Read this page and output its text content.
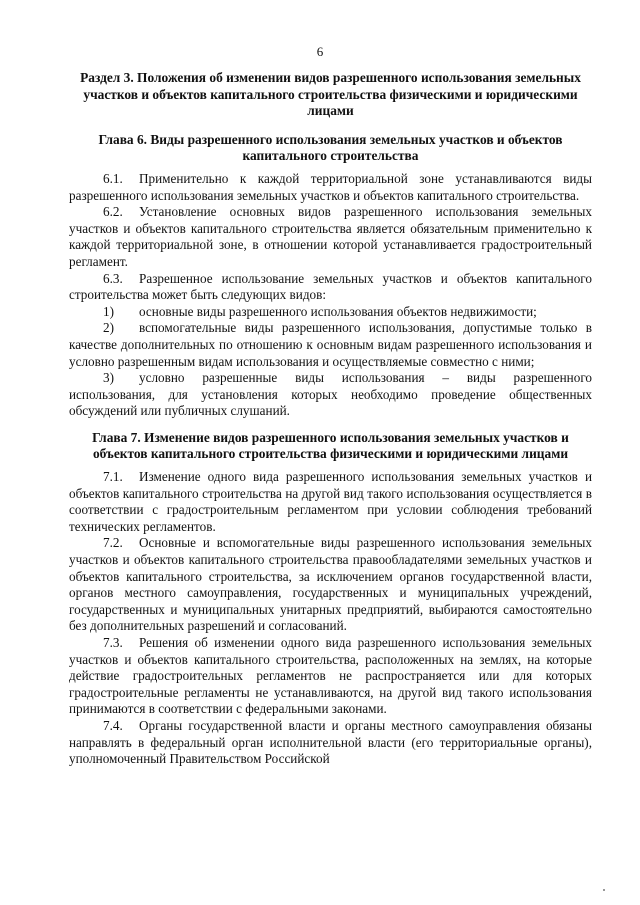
6
Раздел 3. Положения об изменении видов разрешенного использования земельных участков и объектов капитального строительства физическими и юридическими лицами
Глава 6. Виды разрешенного использования земельных участков и объектов капитального строительства

6.1. Применительно к каждой территориальной зоне устанавливаются виды разрешенного использования земельных участков и объектов капитального строительства.

6.2. Установление основных видов разрешенного использования земельных участков и объектов капитального строительства является обязательным применительно к каждой территориальной зоне, в отношении которой устанавливается градостроительный регламент.

6.3. Разрешенное использование земельных участков и объектов капитального строительства может быть следующих видов:

1) основные виды разрешенного использования объектов недвижимости;

2) вспомогательные виды разрешенного использования, допустимые только в качестве дополнительных по отношению к основным видам разрешенного использования и условно разрешенным видам использования и осуществляемые совместно с ними;

3) условно разрешенные виды использования – виды разрешенного использования, для установления которых необходимо проведение общественных обсуждений или публичных слушаний.

Глава 7. Изменение видов разрешенного использования земельных участков и объектов капитального строительства физическими и юридическими лицами

7.1. Изменение одного вида разрешенного использования земельных участков и объектов капитального строительства на другой вид такого использования осуществляется в соответствии с градостроительным регламентом при условии соблюдения требований технических регламентов.

7.2. Основные и вспомогательные виды разрешенного использования земельных участков и объектов капитального строительства правообладателями земельных участков и объектов капитального строительства, за исключением органов государственной власти, органов местного самоуправления, государственных и муниципальных учреждений, государственных и муниципальных унитарных предприятий, выбираются самостоятельно без дополнительных разрешений и согласований.

7.3. Решения об изменении одного вида разрешенного использования земельных участков и объектов капитального строительства, расположенных на землях, на которые действие градостроительных регламентов не распространяется или для которых градостроительные регламенты не устанавливаются, на другой вид такого использования принимаются в соответствии с федеральными законами.

7.4. Органы государственной власти и органы местного самоуправления обязаны направлять в федеральный орган исполнительной власти (его территориальные органы), уполномоченный Правительством Российской
